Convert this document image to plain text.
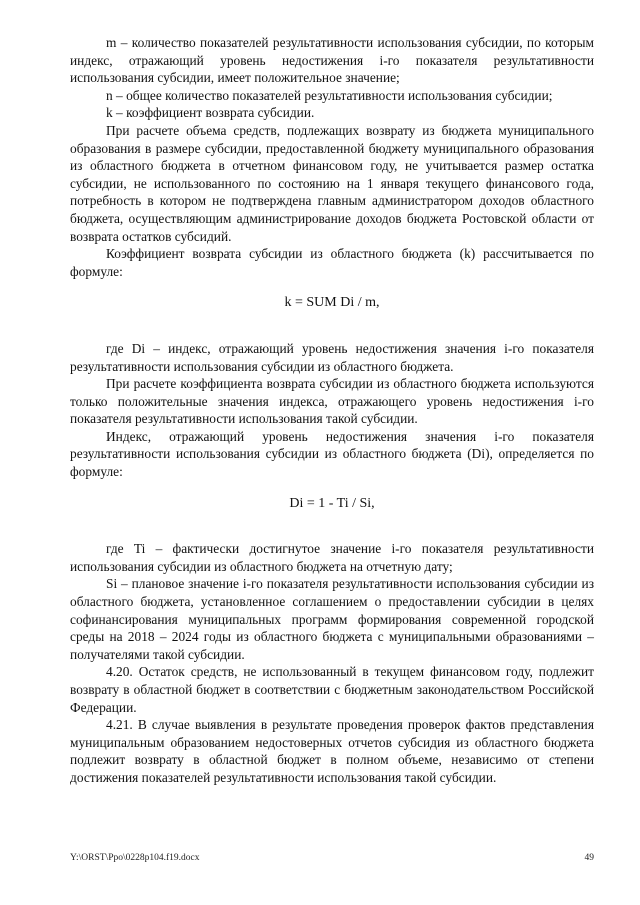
m – количество показателей результативности использования субсидии, по которым индекс, отражающий уровень недостижения i-го показателя результативности использования субсидии, имеет положительное значение;

n – общее количество показателей результативности использования субсидии;

k – коэффициент возврата субсидии.

При расчете объема средств, подлежащих возврату из бюджета муниципального образования в размере субсидии, предоставленной бюджету муниципального образования из областного бюджета в отчетном финансовом году, не учитывается размер остатка субсидии, не использованного по состоянию на 1 января текущего финансового года, потребность в котором не подтверждена главным администратором доходов областного бюджета, осуществляющим администрирование доходов бюджета Ростовской области от возврата остатков субсидий.

Коэффициент возврата субсидии из областного бюджета (k) рассчитывается по формуле:

k = SUM Di / m,

где Di – индекс, отражающий уровень недостижения значения i-го показателя результативности использования субсидии из областного бюджета.

При расчете коэффициента возврата субсидии из областного бюджета используются только положительные значения индекса, отражающего уровень недостижения i-го показателя результативности использования такой субсидии.

Индекс, отражающий уровень недостижения значения i-го показателя результативности использования субсидии из областного бюджета (Di), определяется по формуле:

Di = 1 - Ti / Si,

где Ti – фактически достигнутое значение i-го показателя результативности использования субсидии из областного бюджета на отчетную дату;

Si – плановое значение i-го показателя результативности использования субсидии из областного бюджета, установленное соглашением о предоставлении субсидии в целях софинансирования муниципальных программ формирования современной городской среды на 2018 – 2024 годы из областного бюджета с муниципальными образованиями – получателями такой субсидии.

4.20. Остаток средств, не использованный в текущем финансовом году, подлежит возврату в областной бюджет в соответствии с бюджетным законодательством Российской Федерации.

4.21. В случае выявления в результате проведения проверок фактов представления муниципальным образованием недостоверных отчетов субсидия из областного бюджета подлежит возврату в областной бюджет в полном объеме, независимо от степени достижения показателей результативности использования такой субсидии.

Y:\ORST\Ppo\0228p104.f19.docx	49
